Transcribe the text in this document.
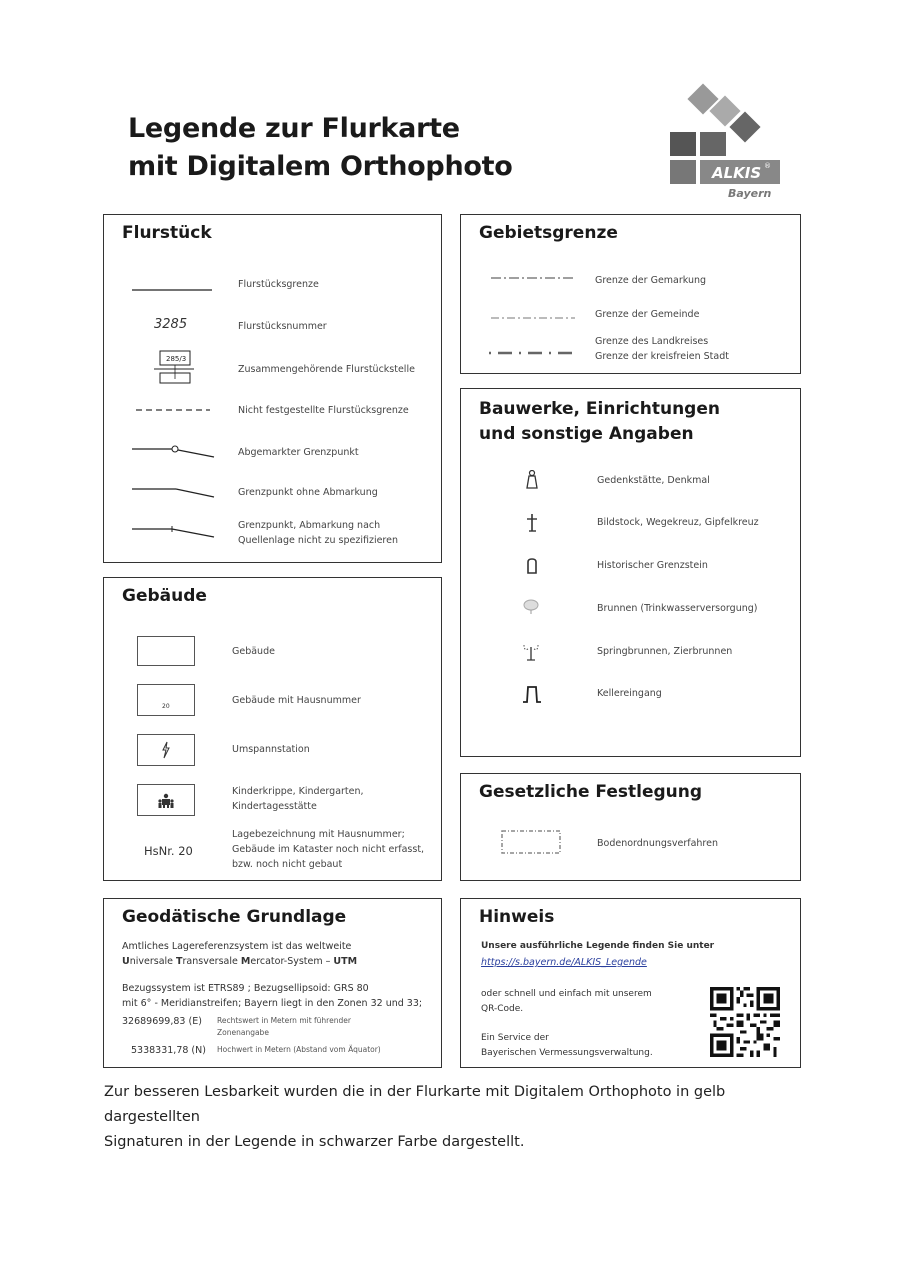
Legende zur Flurkarte
mit Digitalem Orthophoto	ALKIS ®
Bayern
Flurstück
Flurstücksgrenze
3285	Flurstücksnummer
285/3
Zusammengehörende Flurstückstelle
Nicht festgestellte Flurstücksgrenze
Abgemarkter Grenzpunkt
Grenzpunkt ohne Abmarkung
Grenzpunkt, Abmarkung nach
Quellenlage nicht zu spezifizieren
Gebäude
Gebäude
20
Gebäude mit Hausnummer
Umspannstation
Kinderkrippe, Kindergarten,
Kindertagesstätte
HsNr. 20
Lagebezeichnung mit Hausnummer;
Gebäude im Kataster noch nicht erfasst,
bzw. noch nicht gebaut
Gebietsgrenze
Grenze der Gemarkung
Grenze der Gemeinde
Grenze des Landkreises
Grenze der kreisfreien Stadt
Bauwerke, Einrichtungen
und sonstige Angaben
Gedenkstätte, Denkmal
Bildstock, Wegekreuz, Gipfelkreuz
Historischer Grenzstein
Brunnen (Trinkwasserversorgung)
Springbrunnen, Zierbrunnen
Kellereingang
Gesetzliche Festlegung
Bodenordnungsverfahren
Geodätische Grundlage
Amtliches Lagereferenzsystem ist das weltweite
Universale Transversale Mercator-System – UTM
Bezugssystem ist ETRS89 ; Bezugsellipsoid: GRS 80
mit 6° - Meridianstreifen; Bayern liegt in den Zonen 32 und 33;
32689699,83 (E) Rechtswert in Metern mit führender
Zonenangabe
5338331,78 (N) Hochwert in Metern (Abstand vom Äquator)
Hinweis
Unsere ausführliche Legende finden Sie unter
https://s.bayern.de/ALKIS_Legende
oder schnell und einfach mit unserem
QR-Code.
Ein Service der
Bayerischen Vermessungsverwaltung.
Zur besseren Lesbarkeit wurden die in der Flurkarte mit Digitalem Orthophoto in gelb dargestellten
Signaturen in der Legende in schwarzer Farbe dargestellt.
